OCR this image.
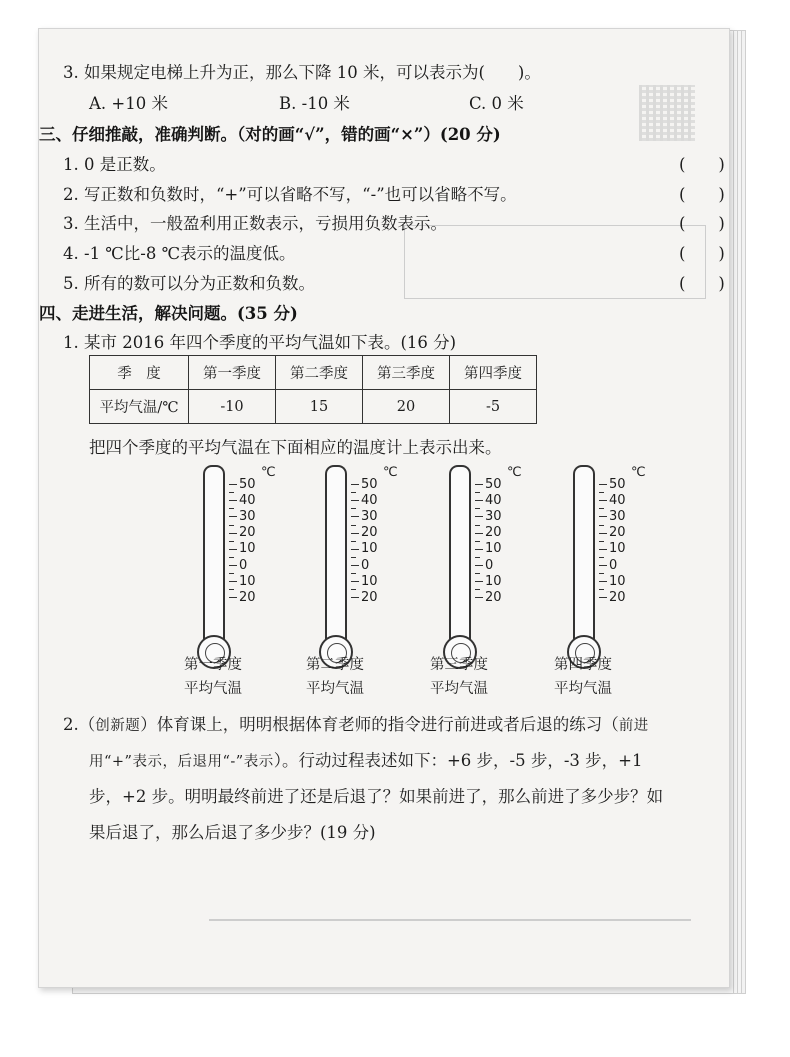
3. 如果规定电梯上升为正，那么下降 10 米，可以表示为(　　)。
A. +10 米	B. -10 米	C. 0 米
三、仔细推敲，准确判断。（对的画“√”，错的画“×”）(20 分)
1. 0 是正数。	(　　)
2. 写正数和负数时，“+”可以省略不写，“-”也可以省略不写。	(　　)
3. 生活中，一般盈利用正数表示，亏损用负数表示。	(　　)
4. -1 ℃比-8 ℃表示的温度低。	(　　)
5. 所有的数可以分为正数和负数。	(　　)
四、走进生活，解决问题。(35 分)
1. 某市 2016 年四个季度的平均气温如下表。(16 分)
季　度	第一季度	第二季度	第三季度	第四季度
平均气温/℃	-10	15	20	-5
把四个季度的平均气温在下面相应的温度计上表示出来。
℃
50
40
30
20
10
0
10
20
℃
50
40
30
20
10
0
10
20
℃
50
40
30
20
10
0
10
20
℃
50
40
30
20
10
0
10
20
第一季度
平均气温
第二季度
平均气温
第三季度
平均气温
第四季度
平均气温
2.（创新题）体育课上，明明根据体育老师的指令进行前进或者后退的练习（前进
用“+”表示，后退用“-”表示）。行动过程表述如下：+6 步，-5 步，-3 步，+1
步，+2 步。明明最终前进了还是后退了？如果前进了，那么前进了多少步？如
果后退了，那么后退了多少步？(19 分)
